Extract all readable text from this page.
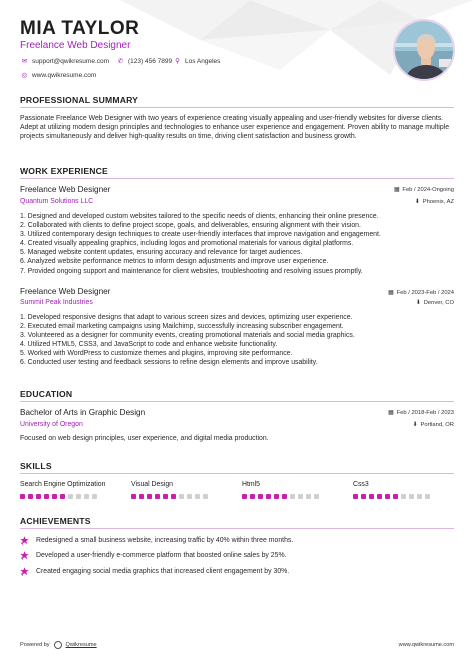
MIA TAYLOR
Freelance Web Designer
✉ support@qwikresume.com ✆ (123) 456 7899 ⚲ Los Angeles
◎ www.qwikresume.com
PROFESSIONAL SUMMARY
Passionate Freelance Web Designer with two years of experience creating visually appealing and user-friendly websites for diverse clients. Adept at utilizing modern design principles and technologies to enhance user experience and engagement. Proven ability to manage multiple projects simultaneously and deliver high-quality results on time, driving client satisfaction and business growth.
WORK EXPERIENCE
Freelance Web Designer	▦ Feb / 2024-Ongoing
Quantum Solutions LLC	⬇ Phoenix, AZ
1. Designed and developed custom websites tailored to the specific needs of clients, enhancing their online presence.
2. Collaborated with clients to define project scope, goals, and deliverables, ensuring alignment with their vision.
3. Utilized contemporary design techniques to create user-friendly interfaces that improve navigation and engagement.
4. Created visually appealing graphics, including logos and promotional materials for various digital platforms.
5. Managed website content updates, ensuring accuracy and relevance for target audiences.
6. Analyzed website performance metrics to inform design adjustments and improve user experience.
7. Provided ongoing support and maintenance for client websites, troubleshooting and resolving issues promptly.
Freelance Web Designer	▦ Feb / 2023-Feb / 2024
Summit Peak Industries	⬇ Denver, CO
1. Developed responsive designs that adapt to various screen sizes and devices, optimizing user experience.
2. Executed email marketing campaigns using Mailchimp, successfully increasing subscriber engagement.
3. Volunteered as a designer for community events, creating promotional materials and social media graphics.
4. Utilized HTML5, CSS3, and JavaScript to code and enhance website functionality.
5. Worked with WordPress to customize themes and plugins, improving site performance.
6. Conducted user testing and feedback sessions to refine design elements and improve usability.
EDUCATION
Bachelor of Arts in Graphic Design	▦ Feb / 2018-Feb / 2023
University of Oregon	⬇ Portland, OR
Focused on web design principles, user experience, and digital media production.
SKILLS
Search Engine Optimization	Visual Design	Html5	Css3
ACHIEVEMENTS
Redesigned a small business website, increasing traffic by 40% within three months.
Developed a user-friendly e-commerce platform that boosted online sales by 25%.
Created engaging social media graphics that increased client engagement by 30%.
Powered by	Qwikresume	www.qwikresume.com
